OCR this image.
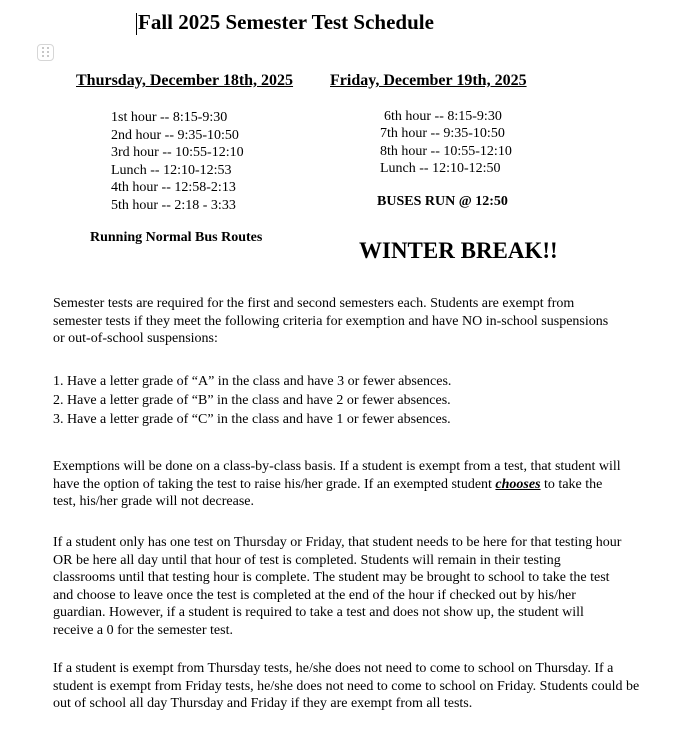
Fall 2025 Semester Test Schedule
Thursday, December 18th, 2025 Friday, December 19th, 2025
1st hour -- 8:15-9:30
2nd hour -- 9:35-10:50
3rd hour -- 10:55-12:10
Lunch -- 12:10-12:53
4th hour -- 12:58-2:13
5th hour -- 2:18 - 3:33
6th hour -- 8:15-9:30
7th hour -- 9:35-10:50
8th hour -- 10:55-12:10
Lunch -- 12:10-12:50
BUSES RUN @ 12:50
Running Normal Bus Routes
WINTER BREAK!!
Semester tests are required for the first and second semesters each. Students are exempt from semester tests if they meet the following criteria for exemption and have NO in-school suspensions or out-of-school suspensions:
1. Have a letter grade of “A” in the class and have 3 or fewer absences.
2. Have a letter grade of “B” in the class and have 2 or fewer absences.
3. Have a letter grade of “C” in the class and have 1 or fewer absences.
Exemptions will be done on a class-by-class basis. If a student is exempt from a test, that student will have the option of taking the test to raise his/her grade. If an exempted student chooses to take the test, his/her grade will not decrease.
If a student only has one test on Thursday or Friday, that student needs to be here for that testing hour OR be here all day until that hour of test is completed. Students will remain in their testing classrooms until that testing hour is complete. The student may be brought to school to take the test and choose to leave once the test is completed at the end of the hour if checked out by his/her guardian. However, if a student is required to take a test and does not show up, the student will receive a 0 for the semester test.
If a student is exempt from Thursday tests, he/she does not need to come to school on Thursday. If a student is exempt from Friday tests, he/she does not need to come to school on Friday. Students could be out of school all day Thursday and Friday if they are exempt from all tests.
